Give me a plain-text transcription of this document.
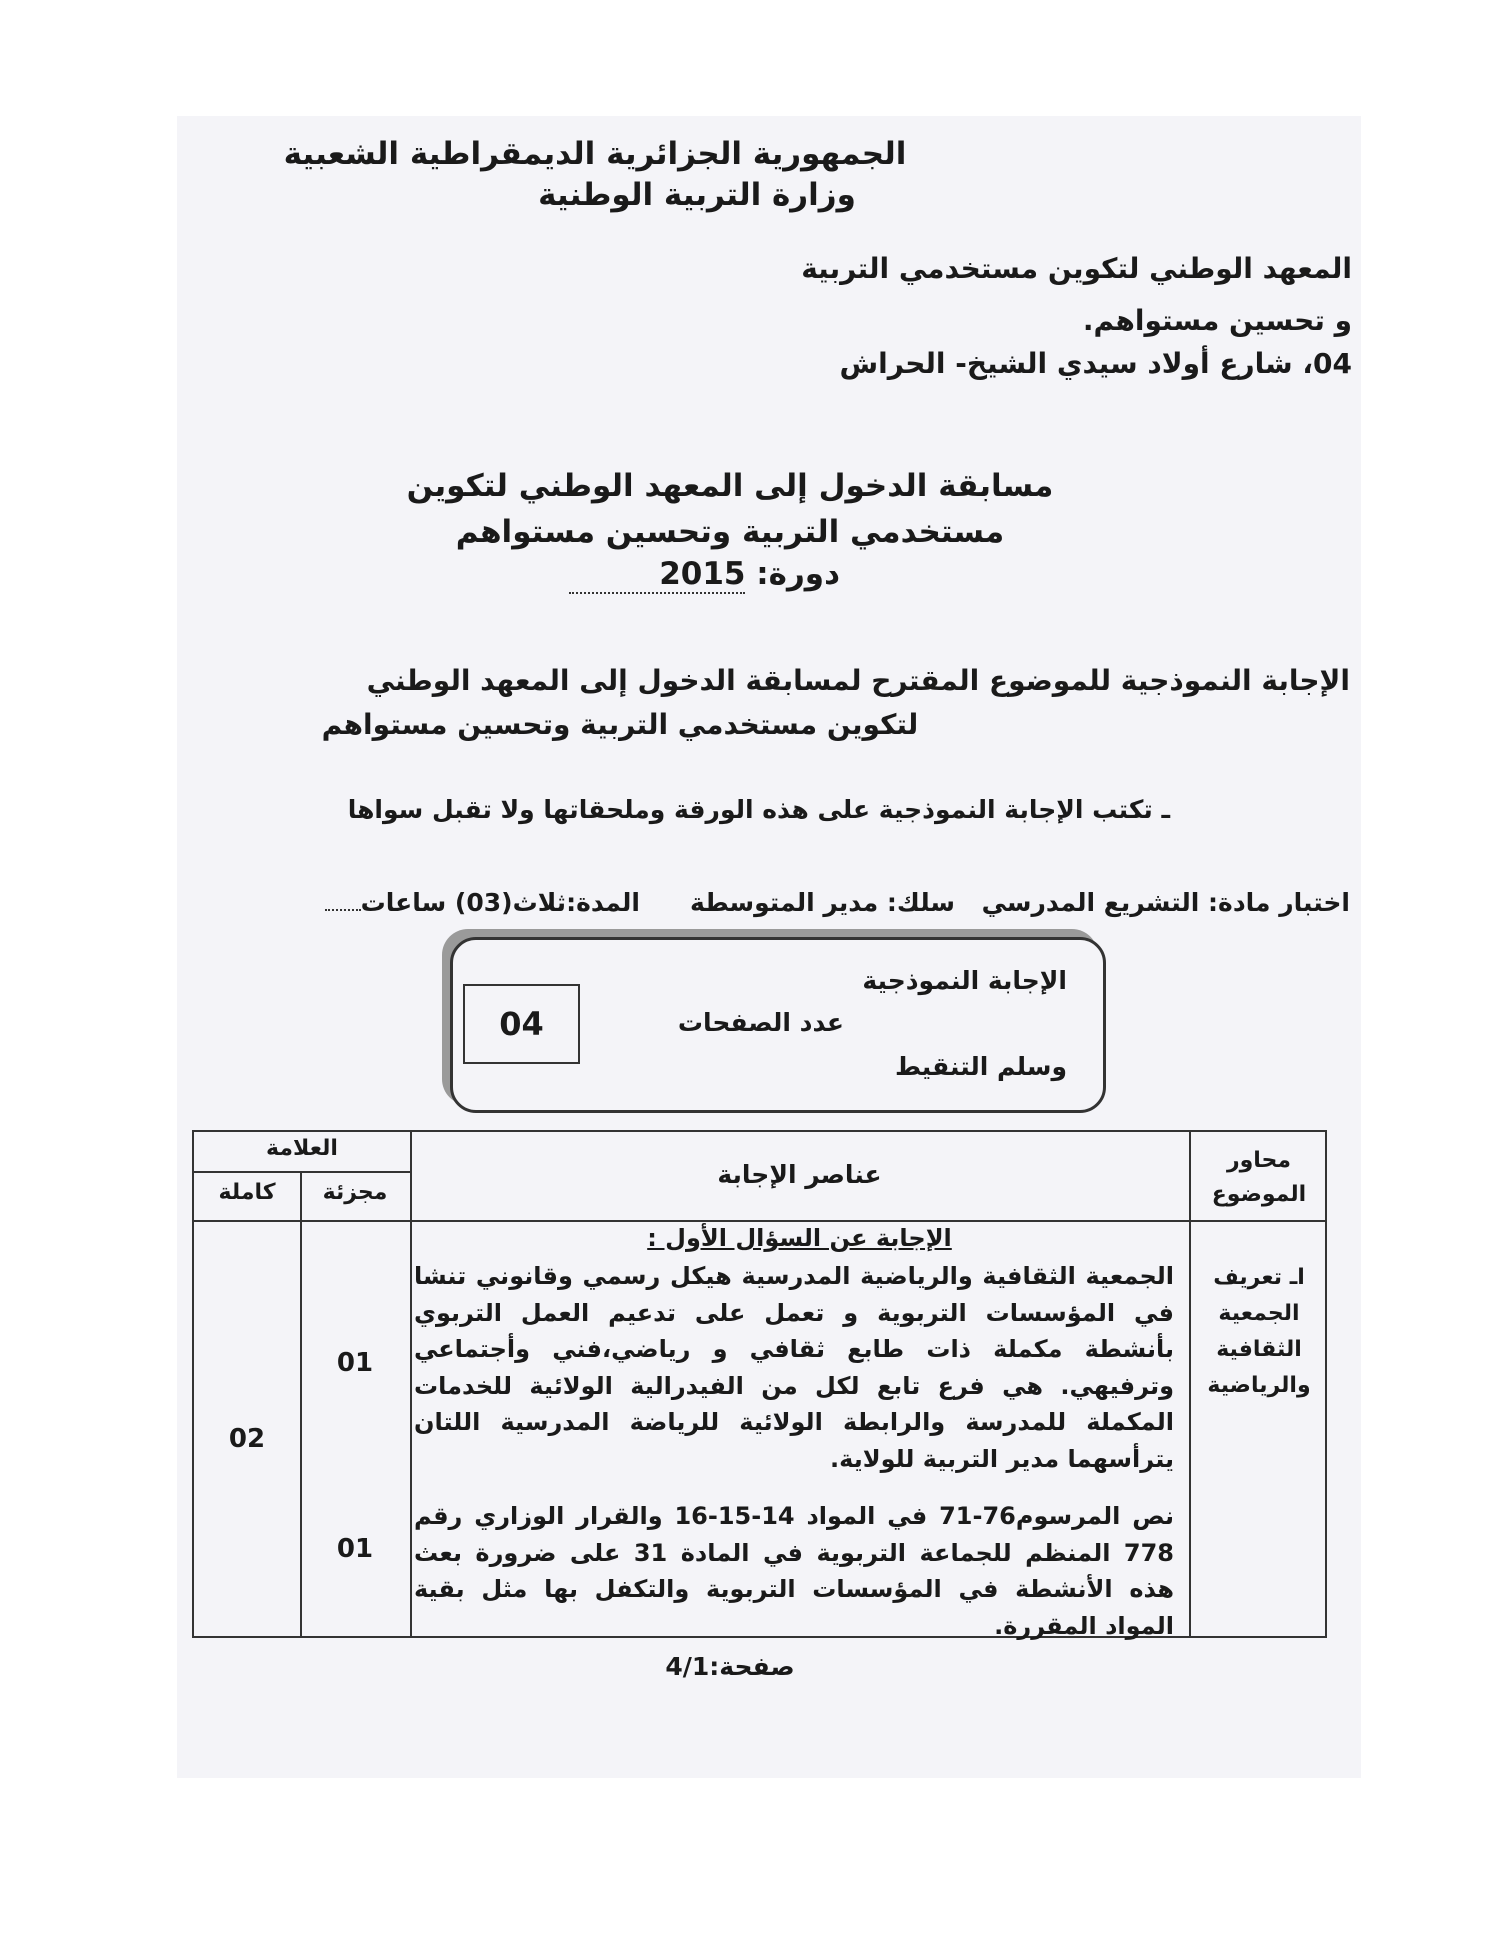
الجمهورية الجزائرية الديمقراطية الشعبية
وزارة التربية الوطنية
المعهد الوطني لتكوين مستخدمي التربية
و تحسين مستواهم.
04، شارع أولاد سيدي الشيخ- الحراش
مسابقة الدخول إلى المعهد الوطني لتكوين
مستخدمي التربية وتحسين مستواهم
دورة: 2015
الإجابة النموذجية للموضوع المقترح لمسابقة الدخول إلى المعهد الوطني
لتكوين مستخدمي التربية وتحسين مستواهم
ـ تكتب الإجابة النموذجية على هذه الورقة وملحقاتها ولا تقبل سواها
اختبار مادة: التشريع المدرسي
سلك: مدير المتوسطة
المدة:ثلاث(03) ساعات
04
الإجابة النموذجية
عدد الصفحات
وسلم التنقيط
العلامة
مجزئة
كاملة
عناصر الإجابة	محاور الموضوع
اـ تعريف الجمعية الثقافية والرياضية
الإجابة عن السؤال الأول :
الجمعية الثقافية والرياضية المدرسية هيكل رسمي وقانوني تنشا في المؤسسات التربوية و تعمل على تدعيم العمل التربوي بأنشطة مكملة ذات طابع ثقافي و رياضي،فني وأجتماعي وترفيهي. هي فرع تابع لكل من الفيدرالية الولائية للخدمات المكملة للمدرسة والرابطة الولائية للرياضة المدرسية اللتان يترأسهما مدير التربية للولاية.
نص المرسوم76-71 في المواد 14-15-16 والقرار الوزاري رقم 778 المنظم للجماعة التربوية في المادة 31 على ضرورة بعث هذه الأنشطة في المؤسسات التربوية والتكفل بها مثل بقية المواد المقررة.
01
01
02
صفحة:4/1
